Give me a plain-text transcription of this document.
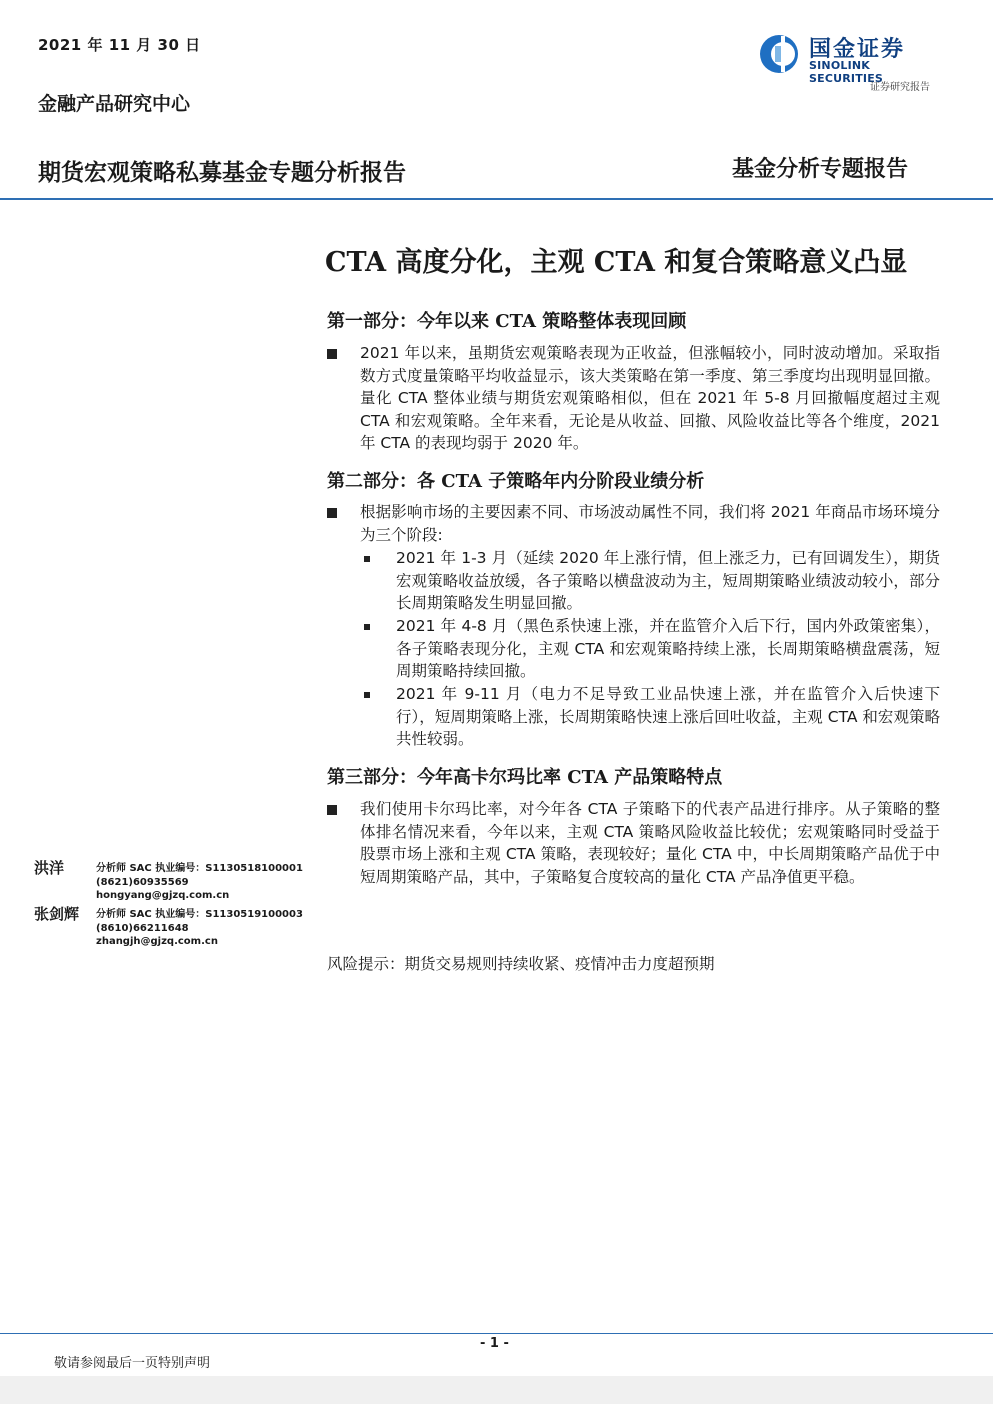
2021 年 11 月 30 日
金融产品研究中心
国金证券
SINOLINK SECURITIES
证券研究报告
期货宏观策略私募基金专题分析报告	基金分析专题报告
CTA 高度分化，主观 CTA 和复合策略意义凸显
第一部分：今年以来 CTA 策略整体表现回顾
2021 年以来，虽期货宏观策略表现为正收益，但涨幅较小，同时波动增加。采取指数方式度量策略平均收益显示，该大类策略在第一季度、第三季度均出现明显回撤。量化 CTA 整体业绩与期货宏观策略相似，但在 2021 年 5-8 月回撤幅度超过主观 CTA 和宏观策略。全年来看，无论是从收益、回撤、风险收益比等各个维度，2021 年 CTA 的表现均弱于 2020 年。
第二部分：各 CTA 子策略年内分阶段业绩分析
根据影响市场的主要因素不同、市场波动属性不同，我们将 2021 年商品市场环境分为三个阶段:
2021 年 1-3 月（延续 2020 年上涨行情，但上涨乏力，已有回调发生），期货宏观策略收益放缓，各子策略以横盘波动为主，短周期策略业绩波动较小，部分长周期策略发生明显回撤。
2021 年 4-8 月（黑色系快速上涨，并在监管介入后下行，国内外政策密集），各子策略表现分化，主观 CTA 和宏观策略持续上涨，长周期策略横盘震荡，短周期策略持续回撤。
2021 年 9-11 月（电力不足导致工业品快速上涨，并在监管介入后快速下行），短周期策略上涨，长周期策略快速上涨后回吐收益，主观 CTA 和宏观策略共性较弱。
第三部分：今年高卡尔玛比率 CTA 产品策略特点
我们使用卡尔玛比率，对今年各 CTA 子策略下的代表产品进行排序。从子策略的整体排名情况来看，今年以来，主观 CTA 策略风险收益比较优；宏观策略同时受益于股票市场上涨和主观 CTA 策略，表现较好；量化 CTA 中，中长周期策略产品优于中短周期策略产品，其中，子策略复合度较高的量化 CTA 产品净值更平稳。
风险提示：期货交易规则持续收紧、疫情冲击力度超预期
洪洋	分析师 SAC 执业编号：S1130518100001
(8621)60935569
hongyang@gjzq.com.cn
张剑辉 分析师 SAC 执业编号：S1130519100003
(8610)66211648
zhangjh@gjzq.com.cn
- 1 -
敬请参阅最后一页特别声明
